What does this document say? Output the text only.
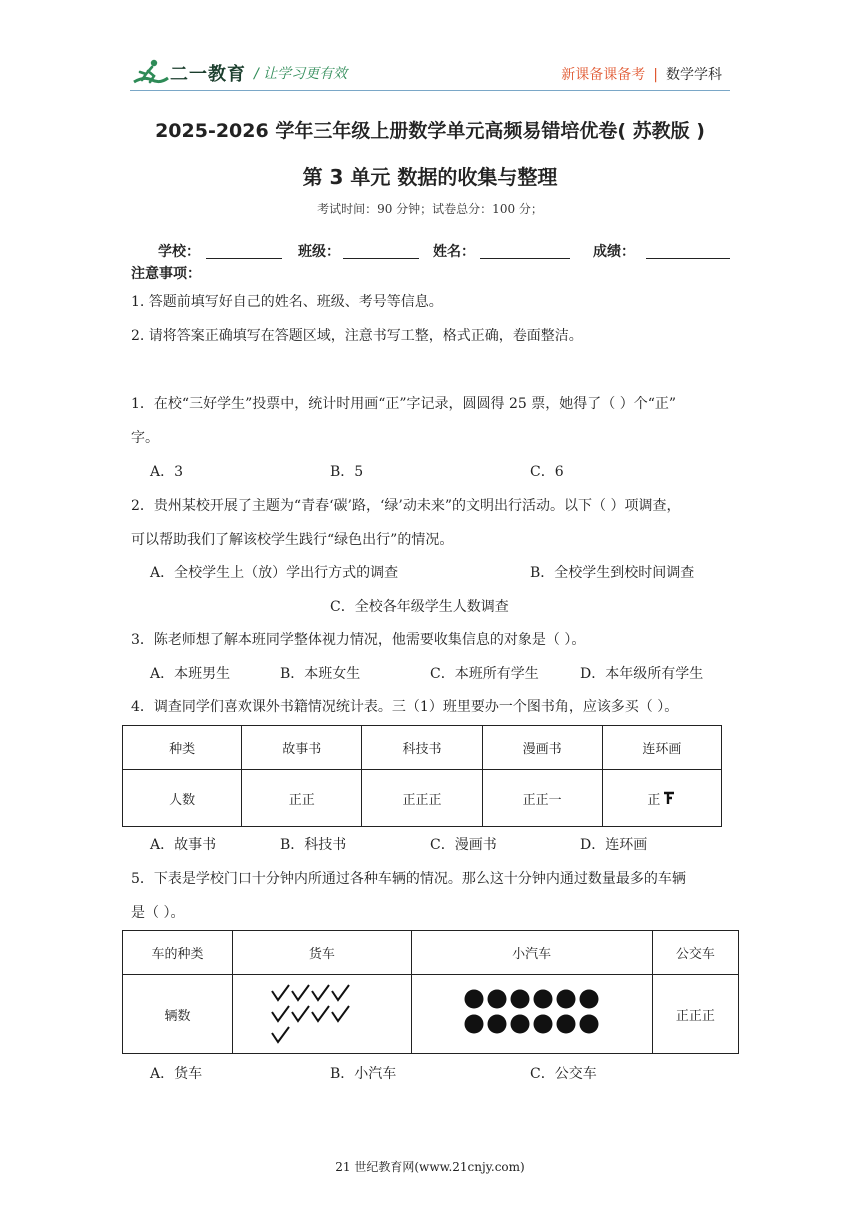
二一教育 / 让学习更有效	新课备课备考 | 数学学科
2025-2026 学年三年级上册数学单元高频易错培优卷( 苏教版 )
第 3 单元 数据的收集与整理
考试时间：90 分钟；试卷总分：100 分；
学校：	班级：	姓名：	成绩：
注意事项：
1. 答题前填写好自己的姓名、班级、考号等信息。
2. 请将答案正确填写在答题区域，注意书写工整，格式正确，卷面整洁。
1．在校“三好学生”投票中，统计时用画“正”字记录，圆圆得 25 票，她得了（ ）个“正”
字。
A．3	B．5	C．6
2．贵州某校开展了主题为“青春‘碳’路，‘绿’动未来”的文明出行活动。以下（ ）项调查，
可以帮助我们了解该校学生践行“绿色出行”的情况。
A．全校学生上（放）学出行方式的调查	B．全校学生到校时间调查
C．全校各年级学生人数调查
3．陈老师想了解本班同学整体视力情况，他需要收集信息的对象是（ ）。
A．本班男生	B．本班女生	C．本班所有学生	D．本年级所有学生
4．调查同学们喜欢课外书籍情况统计表。三（1）班里要办一个图书角，应该多买（ ）。
种类	故事书	科技书	漫画书	连环画
人数	正正	正正正	正正一	正
A．故事书	B．科技书	C．漫画书	D．连环画
5．下表是学校门口十分钟内所通过各种车辆的情况。那么这十分钟内通过数量最多的车辆
是（ ）。
车的种类	货车	小汽车	公交车
辆数			正正正
A．货车	B．小汽车	C．公交车
21 世纪教育网(www.21cnjy.com)
